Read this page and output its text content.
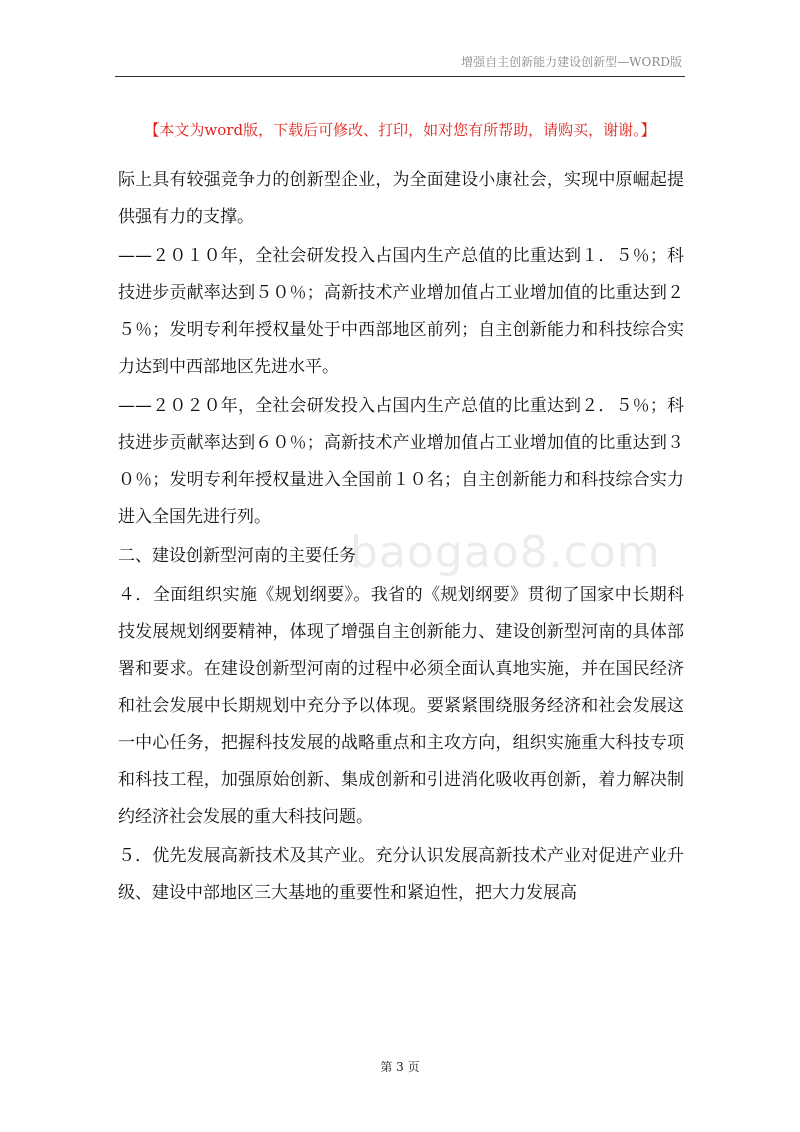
增强自主创新能力建设创新型—WORD版
【本文为word版，下载后可修改、打印，如对您有所帮助，请购买，谢谢。】

际上具有较强竞争力的创新型企业，为全面建设小康社会，实现中原崛起提供强有力的支撑。

——２０１０年，全社会研发投入占国内生产总值的比重达到１．５％；科技进步贡献率达到５０％；高新技术产业增加值占工业增加值的比重达到２５％；发明专利年授权量处于中西部地区前列；自主创新能力和科技综合实力达到中西部地区先进水平。

——２０２０年，全社会研发投入占国内生产总值的比重达到２．５％；科技进步贡献率达到６０％；高新技术产业增加值占工业增加值的比重达到３０％；发明专利年授权量进入全国前１０名；自主创新能力和科技综合实力进入全国先进行列。

二、建设创新型河南的主要任务

４．全面组织实施《规划纲要》。我省的《规划纲要》贯彻了国家中长期科技发展规划纲要精神，体现了增强自主创新能力、建设创新型河南的具体部署和要求。在建设创新型河南的过程中必须全面认真地实施，并在国民经济和社会发展中长期规划中充分予以体现。要紧紧围绕服务经济和社会发展这一中心任务，把握科技发展的战略重点和主攻方向，组织实施重大科技专项和科技工程，加强原始创新、集成创新和引进消化吸收再创新，着力解决制约经济社会发展的重大科技问题。

５．优先发展高新技术及其产业。充分认识发展高新技术产业对促进产业升级、建设中部地区三大基地的重要性和紧迫性，把大力发展高

baogao8.com
第 3 页
